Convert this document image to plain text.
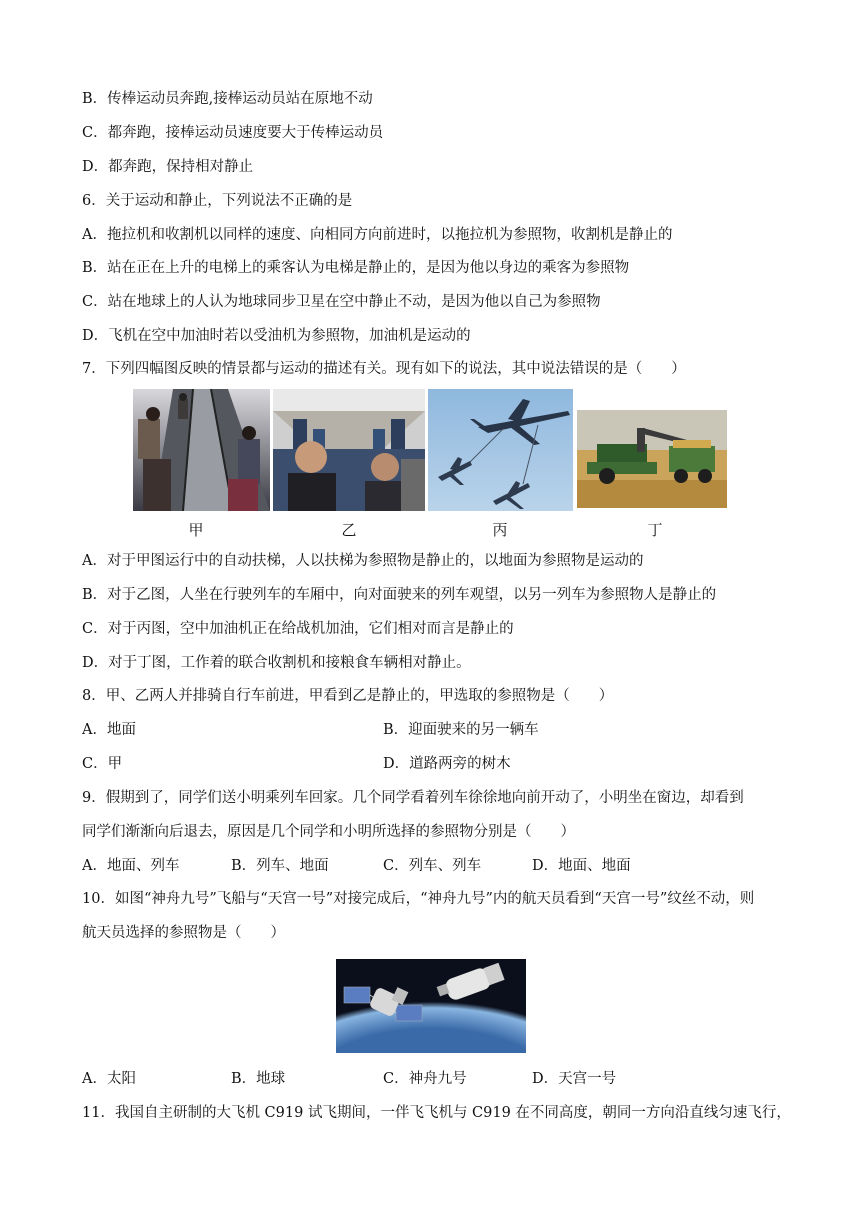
B．传棒运动员奔跑,接棒运动员站在原地不动
C．都奔跑，接棒运动员速度要大于传棒运动员
D．都奔跑，保持相对静止
6．关于运动和静止，下列说法不正确的是
A．拖拉机和收割机以同样的速度、向相同方向前进时，以拖拉机为参照物，收割机是静止的
B．站在正在上升的电梯上的乘客认为电梯是静止的，是因为他以身边的乘客为参照物
C．站在地球上的人认为地球同步卫星在空中静止不动，是因为他以自己为参照物
D．飞机在空中加油时若以受油机为参照物，加油机是运动的
7．下列四幅图反映的情景都与运动的描述有关。现有如下的说法，其中说法错误的是（　　）
甲	乙	丙	丁
A．对于甲图运行中的自动扶梯，人以扶梯为参照物是静止的，以地面为参照物是运动的
B．对于乙图，人坐在行驶列车的车厢中，向对面驶来的列车观望，以另一列车为参照物人是静止的
C．对于丙图，空中加油机正在给战机加油，它们相对而言是静止的
D．对于丁图，工作着的联合收割机和接粮食车辆相对静止。
8．甲、乙两人并排骑自行车前进，甲看到乙是静止的，甲选取的参照物是（　　）
A．地面	B．迎面驶来的另一辆车
C．甲	D．道路两旁的树木
9．假期到了，同学们送小明乘列车回家。几个同学看着列车徐徐地向前开动了，小明坐在窗边，却看到
同学们渐渐向后退去，原因是几个同学和小明所选择的参照物分别是（　　）
A．地面、列车	B．列车、地面	C．列车、列车	D．地面、地面
10．如图“神舟九号”飞船与“天宫一号”对接完成后，“神舟九号”内的航天员看到“天宫一号”纹丝不动，则
航天员选择的参照物是（　　）
A．太阳	B．地球	C．神舟九号	D．天宫一号
11．我国自主研制的大飞机 C919 试飞期间，一伴飞飞机与 C919 在不同高度，朝同一方向沿直线匀速飞行，
